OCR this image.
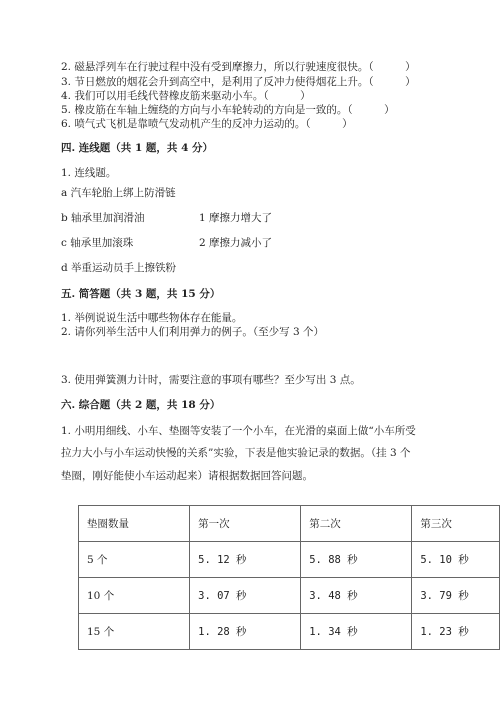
2. 磁悬浮列车在行驶过程中没有受到摩擦力，所以行驶速度很快。（　　　）
3. 节日燃放的烟花会升到高空中，是利用了反冲力使得烟花上升。（　　　）
4. 我们可以用毛线代替橡皮筋来驱动小车。（　　　）
5. 橡皮筋在车轴上缠绕的方向与小车轮转动的方向是一致的。（　　　）
6. 喷气式飞机是靠喷气发动机产生的反冲力运动的。（　　　）
四. 连线题（共 1 题，共 4 分）
1. 连线题。
a 汽车轮胎上绑上防滑链
b 轴承里加润滑油	1 摩擦力增大了
c 轴承里加滚珠	2 摩擦力减小了
d 举重运动员手上擦铁粉
五. 简答题（共 3 题，共 15 分）
1. 举例说说生活中哪些物体存在能量。
2. 请你列举生活中人们利用弹力的例子。（至少写 3 个）
3. 使用弹簧测力计时，需要注意的事项有哪些？至少写出 3 点。
六. 综合题（共 2 题，共 18 分）
1. 小明用细线、小车、垫圈等安装了一个小车，在光滑的桌面上做“小车所受
拉力大小与小车运动快慢的关系”实验，下表是他实验记录的数据。（挂 3 个
垫圈，刚好能使小车运动起来）请根据数据回答问题。
垫圈数量	第一次	第二次	第三次
5 个	5. 12 秒	5. 88 秒	5. 10 秒
10 个	3. 07 秒	3. 48 秒	3. 79 秒
15 个	1. 28 秒	1. 34 秒	1. 23 秒
